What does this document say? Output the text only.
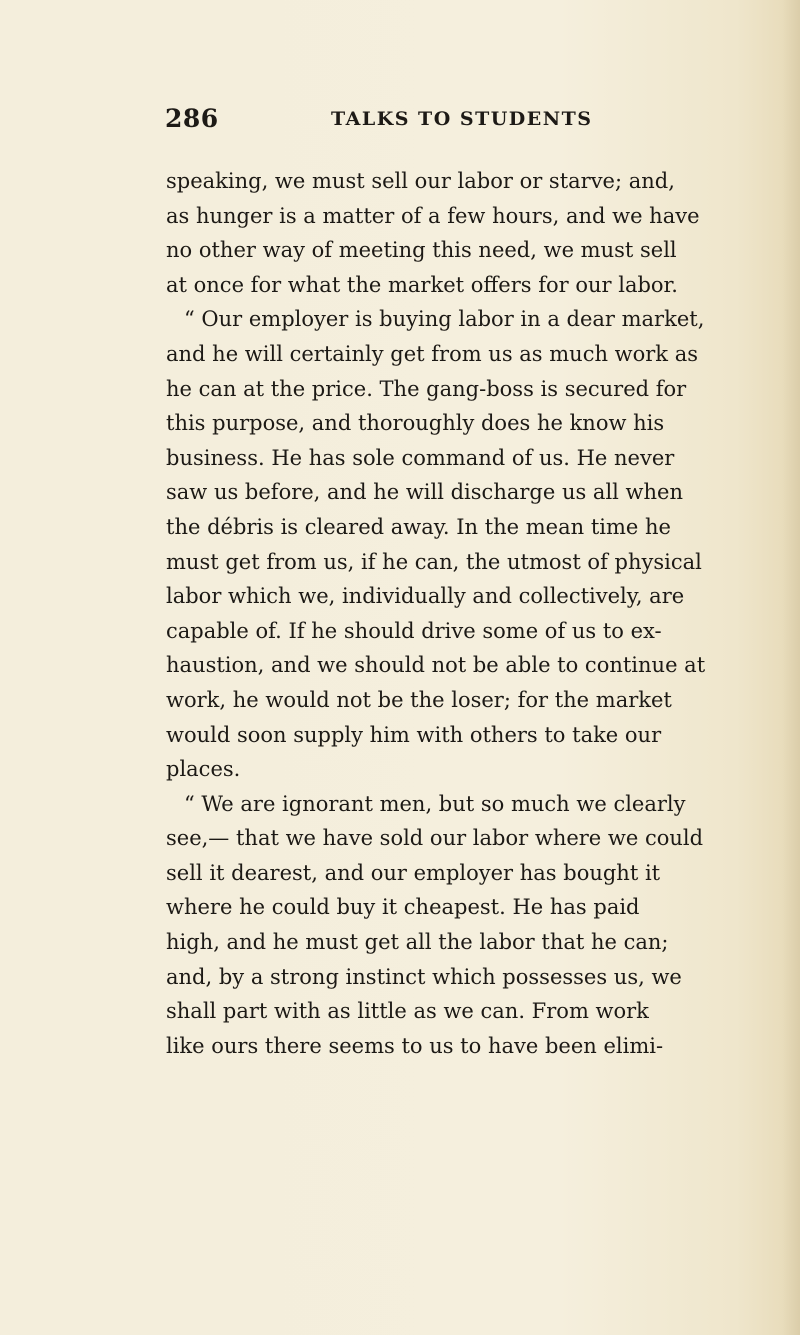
286	TALKS TO STUDENTS
speaking, we must sell our labor or starve; and,
as hunger is a matter of a few hours, and we have
no other way of meeting this need, we must sell
at once for what the market offers for our labor.
“ Our employer is buying labor in a dear market,
and he will certainly get from us as much work as
he can at the price. The gang-boss is secured for
this purpose, and thoroughly does he know his
business. He has sole command of us. He never
saw us before, and he will discharge us all when
the débris is cleared away. In the mean time he
must get from us, if he can, the utmost of physical
labor which we, individually and collectively, are
capable of. If he should drive some of us to ex-
haustion, and we should not be able to continue at
work, he would not be the loser; for the market
would soon supply him with others to take our
places.
“ We are ignorant men, but so much we clearly
see,— that we have sold our labor where we could
sell it dearest, and our employer has bought it
where he could buy it cheapest. He has paid
high, and he must get all the labor that he can;
and, by a strong instinct which possesses us, we
shall part with as little as we can. From work
like ours there seems to us to have been elimi-
